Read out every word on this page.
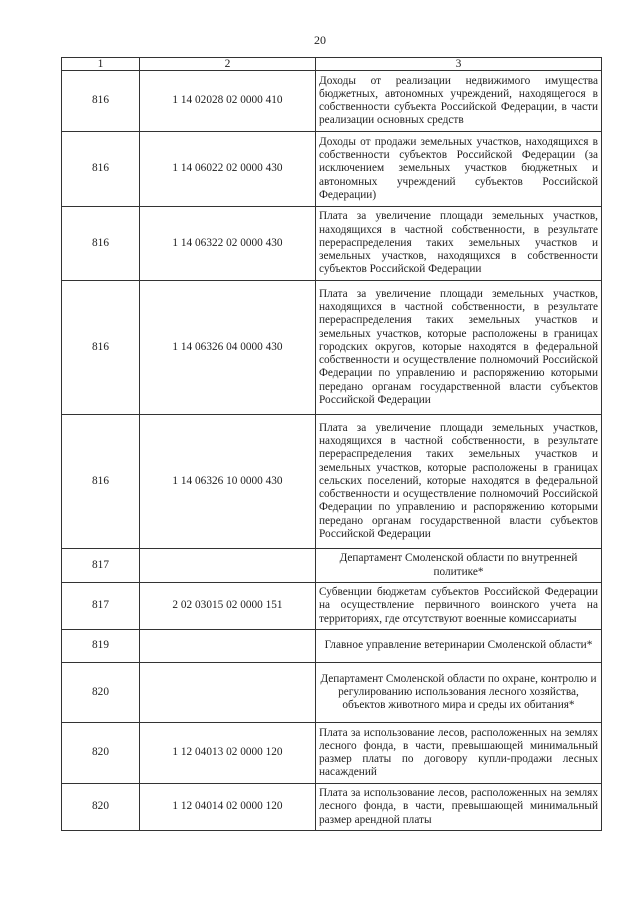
20
1	2	3
816	1 14 02028 02 0000 410	Доходы от реализации недвижимого имущества бюджетных, автономных учреждений, находящегося в собственности субъекта Российской Федерации, в части реализации основных средств
816	1 14 06022 02 0000 430	Доходы от продажи земельных участков, находящихся в собственности субъектов Российской Федерации (за исключением земельных участков бюджетных и автономных учреждений субъектов Российской Федерации)
816	1 14 06322 02 0000 430	Плата за увеличение площади земельных участков, находящихся в частной собственности, в результате перераспределения таких земельных участков и земельных участков, находящихся в собственности субъектов Российской Федерации
816	1 14 06326 04 0000 430	Плата за увеличение площади земельных участков, находящихся в частной собственности, в результате перераспределения таких земельных участков и земельных участков, которые расположены в границах городских округов, которые находятся в федеральной собственности и осуществление полномочий Российской Федерации по управлению и распоряжению которыми передано органам государственной власти субъектов Российской Федерации
816	1 14 06326 10 0000 430	Плата за увеличение площади земельных участков, находящихся в частной собственности, в результате перераспределения таких земельных участков и земельных участков, которые расположены в границах сельских поселений, которые находятся в федеральной собственности и осуществление полномочий Российской Федерации по управлению и распоряжению которыми передано органам государственной власти субъектов Российской Федерации
817		Департамент Смоленской области по внутренней политике*
817	2 02 03015 02 0000 151	Субвенции бюджетам субъектов Российской Федерации на осуществление первичного воинского учета на территориях, где отсутствуют военные комиссариаты
819		Главное управление ветеринарии Смоленской области*
820		Департамент Смоленской области по охране, контролю и регулированию использования лесного хозяйства, объектов животного мира и среды их обитания*
820	1 12 04013 02 0000 120	Плата за использование лесов, расположенных на землях лесного фонда, в части, превышающей минимальный размер платы по договору купли-продажи лесных насаждений
820	1 12 04014 02 0000 120	Плата за использование лесов, расположенных на землях лесного фонда, в части, превышающей минимальный размер арендной платы
